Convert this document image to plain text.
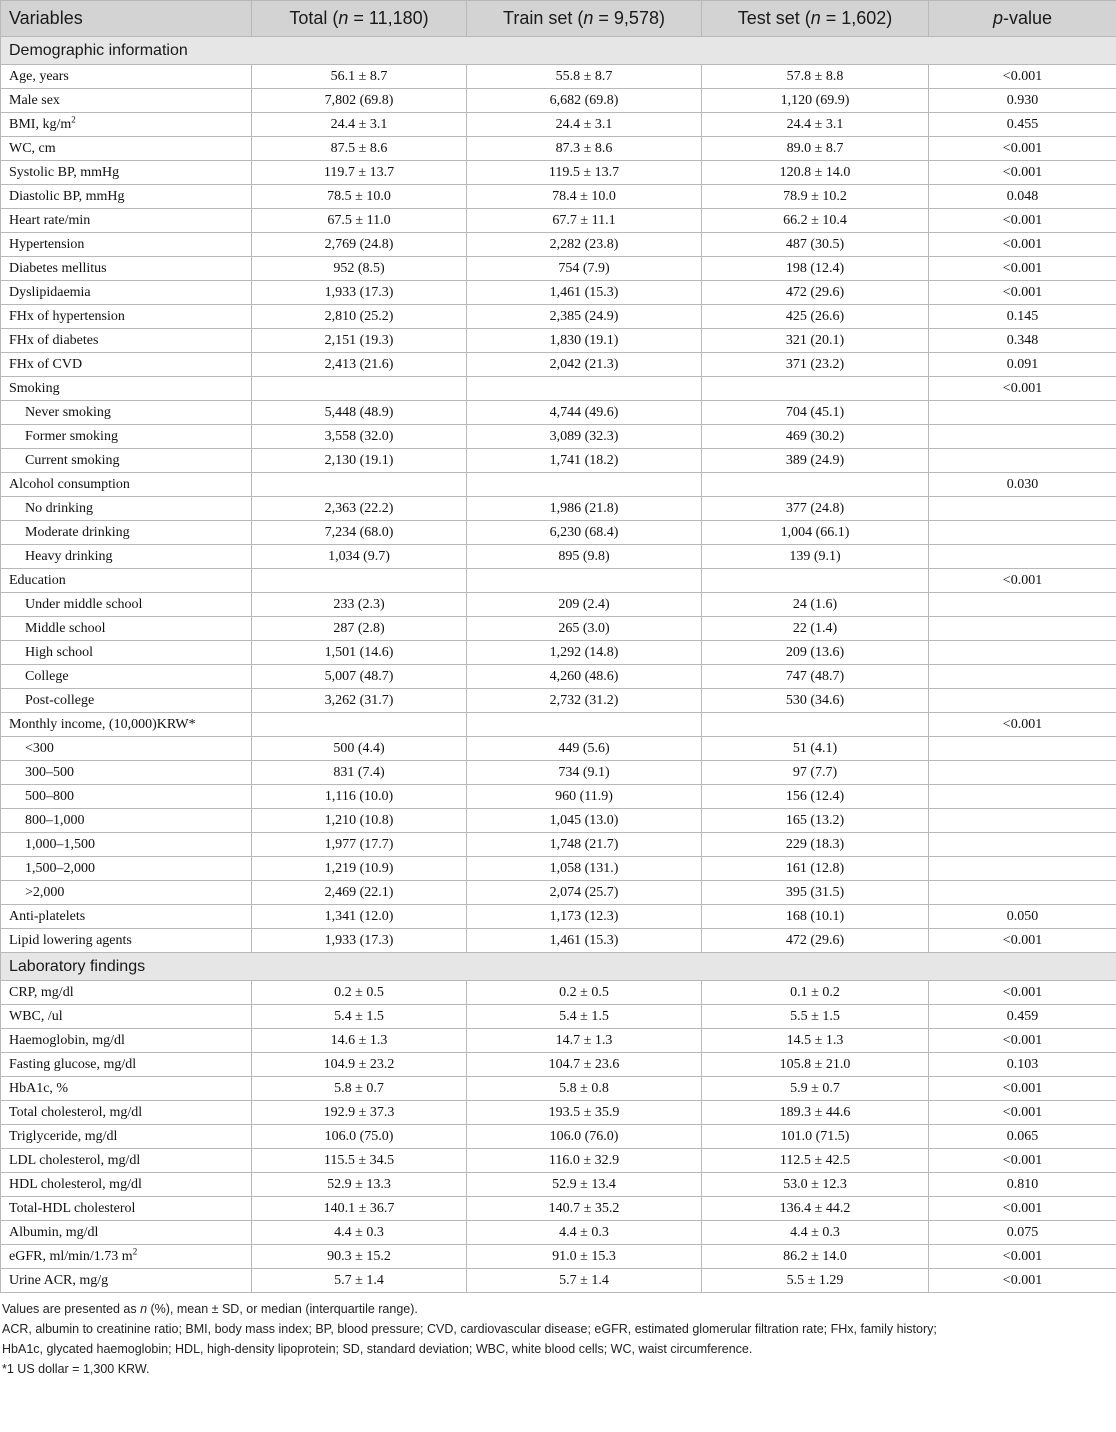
Variables	Total (n = 11,180)	Train set (n = 9,578)	Test set (n = 1,602)	p-value
Demographic information				
Age, years	56.1 ± 8.7	55.8 ± 8.7	57.8 ± 8.8	<0.001
Male sex	7,802 (69.8)	6,682 (69.8)	1,120 (69.9)	0.930
BMI, $kg/m^2$	24.4 ± 3.1	24.4 ± 3.1	24.4 ± 3.1	0.455
WC, cm	87.5 ± 8.6	87.3 ± 8.6	89.0 ± 8.7	<0.001
Systolic BP, mmHg	119.7 ± 13.7	119.5 ± 13.7	120.8 ± 14.0	<0.001
Diastolic BP, mmHg	78.5 ± 10.0	78.4 ± 10.0	78.9 ± 10.2	0.048
Heart rate/min	67.5 ± 11.0	67.7 ± 11.1	66.2 ± 10.4	<0.001
Hypertension	2,769 (24.8)	2,282 (23.8)	487 (30.5)	<0.001
Diabetes mellitus	952 (8.5)	754 (7.9)	198 (12.4)	<0.001
Dyslipidaemia	1,933 (17.3)	1,461 (15.3)	472 (29.6)	<0.001
FHx of hypertension	2,810 (25.2)	2,385 (24.9)	425 (26.6)	0.145
FHx of diabetes	2,151 (19.3)	1,830 (19.1)	321 (20.1)	0.348
FHx of CVD	2,413 (21.6)	2,042 (21.3)	371 (23.2)	0.091
Smoking				<0.001
Never smoking	5,448 (48.9)	4,744 (49.6)	704 (45.1)	
Former smoking	3,558 (32.0)	3,089 (32.3)	469 (30.2)	
Current smoking	2,130 (19.1)	1,741 (18.2)	389 (24.9)	
Alcohol consumption				0.030
No drinking	2,363 (22.2)	1,986 (21.8)	377 (24.8)	
Moderate drinking	7,234 (68.0)	6,230 (68.4)	1,004 (66.1)	
Heavy drinking	1,034 (9.7)	895 (9.8)	139 (9.1)	
Education				<0.001
Under middle school	233 (2.3)	209 (2.4)	24 (1.6)	
Middle school	287 (2.8)	265 (3.0)	22 (1.4)	
High school	1,501 (14.6)	1,292 (14.8)	209 (13.6)	
College	5,007 (48.7)	4,260 (48.6)	747 (48.7)	
Post-college	3,262 (31.7)	2,732 (31.2)	530 (34.6)	
Monthly income, (10,000)KRW*				<0.001
<300	500 (4.4)	449 (5.6)	51 (4.1)	
300–500	831 (7.4)	734 (9.1)	97 (7.7)	
500–800	1,116 (10.0)	960 (11.9)	156 (12.4)	
800–1,000	1,210 (10.8)	1,045 (13.0)	165 (13.2)	
1,000–1,500	1,977 (17.7)	1,748 (21.7)	229 (18.3)	
1,500–2,000	1,219 (10.9)	1,058 (131.)	161 (12.8)	
>2,000	2,469 (22.1)	2,074 (25.7)	395 (31.5)	
Anti-platelets	1,341 (12.0)	1,173 (12.3)	168 (10.1)	0.050
Lipid lowering agents	1,933 (17.3)	1,461 (15.3)	472 (29.6)	<0.001
Laboratory findings				
CRP, mg/dl	0.2 ± 0.5	0.2 ± 0.5	0.1 ± 0.2	<0.001
WBC, /ul	5.4 ± 1.5	5.4 ± 1.5	5.5 ± 1.5	0.459
Haemoglobin, mg/dl	14.6 ± 1.3	14.7 ± 1.3	14.5 ± 1.3	<0.001
Fasting glucose, mg/dl	104.9 ± 23.2	104.7 ± 23.6	105.8 ± 21.0	0.103
HbA1c, %	5.8 ± 0.7	5.8 ± 0.8	5.9 ± 0.7	<0.001
Total cholesterol, mg/dl	192.9 ± 37.3	193.5 ± 35.9	189.3 ± 44.6	<0.001
Triglyceride, mg/dl	106.0 (75.0)	106.0 (76.0)	101.0 (71.5)	0.065
LDL cholesterol, mg/dl	115.5 ± 34.5	116.0 ± 32.9	112.5 ± 42.5	<0.001
HDL cholesterol, mg/dl	52.9 ± 13.3	52.9 ± 13.4	53.0 ± 12.3	0.810
Total-HDL cholesterol	140.1 ± 36.7	140.7 ± 35.2	136.4 ± 44.2	<0.001
Albumin, mg/dl	4.4 ± 0.3	4.4 ± 0.3	4.4 ± 0.3	0.075
eGFR, ml/min/1.73 $m^2$	90.3 ± 15.2	91.0 ± 15.3	86.2 ± 14.0	<0.001
Urine ACR, mg/g	5.7 ± 1.4	5.7 ± 1.4	5.5 ± 1.29	<0.001
Values are presented as n (%), mean ± SD, or median (interquartile range).
ACR, albumin to creatinine ratio; BMI, body mass index; BP, blood pressure; CVD, cardiovascular disease; eGFR, estimated glomerular filtration rate; FHx, family history;
HbA1c, glycated haemoglobin; HDL, high-density lipoprotein; SD, standard deviation; WBC, white blood cells; WC, waist circumference.
*1 US dollar = 1,300 KRW.
